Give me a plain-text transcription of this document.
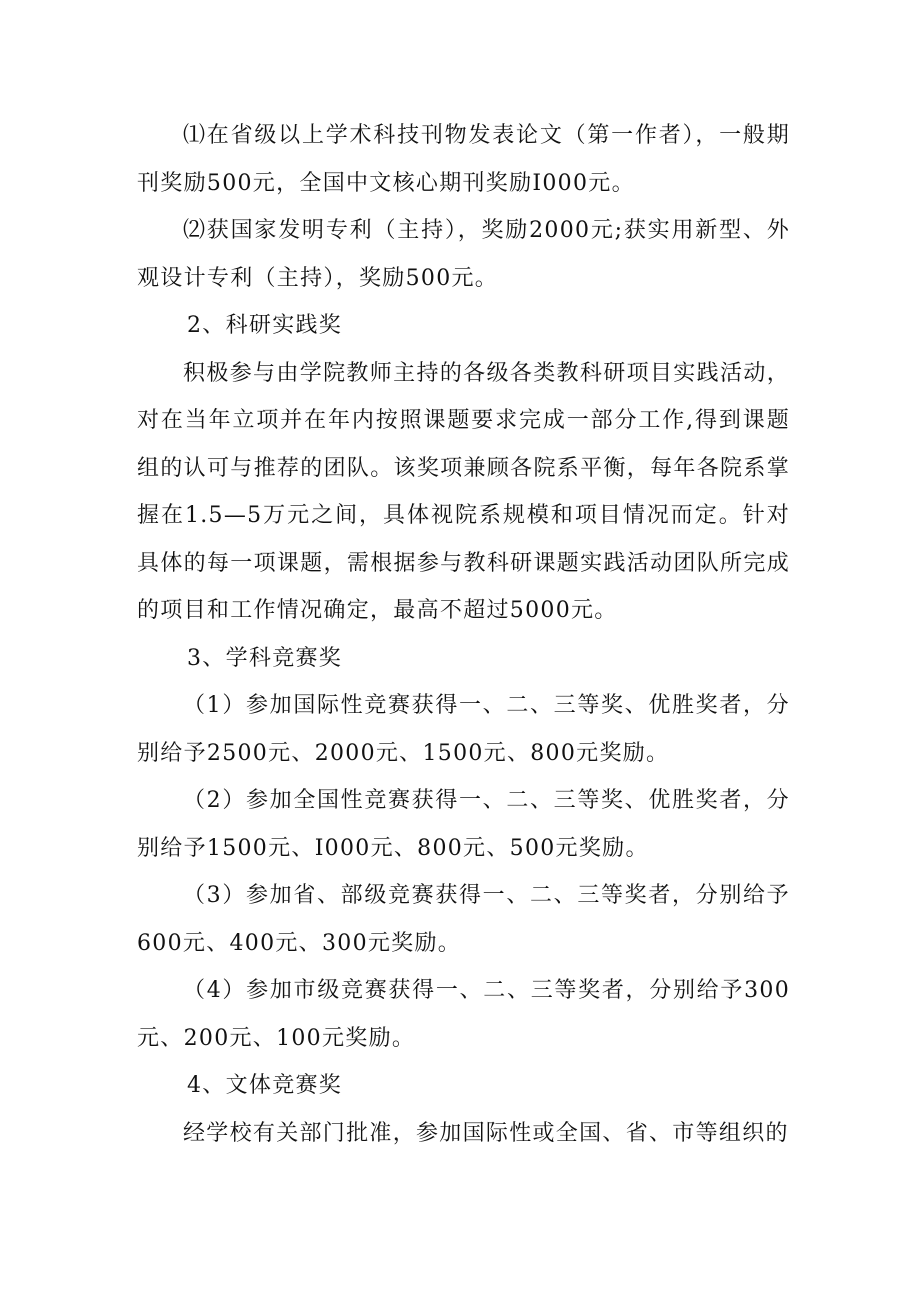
⑴在省级以上学术科技刊物发表论文（第一作者），一般期刊奖励500元，全国中文核心期刊奖励I000元。

⑵获国家发明专利（主持），奖励2000元;获实用新型、外观设计专利（主持），奖励500元。

2、科研实践奖

积极参与由学院教师主持的各级各类教科研项目实践活动，对在当年立项并在年内按照课题要求完成一部分工作,得到课题组的认可与推荐的团队。该奖项兼顾各院系平衡，每年各院系掌握在1.5—5万元之间，具体视院系规模和项目情况而定。针对具体的每一项课题，需根据参与教科研课题实践活动团队所完成的项目和工作情况确定，最高不超过5000元。

3、学科竞赛奖

（1）参加国际性竞赛获得一、二、三等奖、优胜奖者，分别给予2500元、2000元、1500元、800元奖励。

（2）参加全国性竞赛获得一、二、三等奖、优胜奖者，分别给予1500元、I000元、800元、500元奖励。

（3）参加省、部级竞赛获得一、二、三等奖者，分别给予600元、400元、300元奖励。

（4）参加市级竞赛获得一、二、三等奖者，分别给予300元、200元、100元奖励。

4、文体竞赛奖

经学校有关部门批准，参加国际性或全国、省、市等组织的
